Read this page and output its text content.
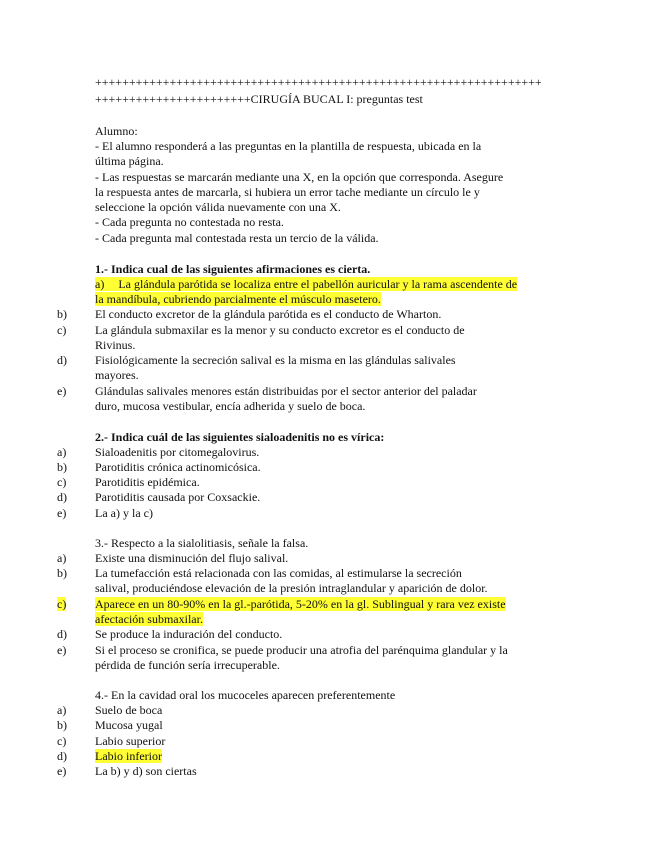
++++++++++++++++++++++++++++++++++++++++++++++++++++++++++++++++++
+++++++++++++++++++++++CIRUGÍA BUCAL I: preguntas test
Alumno:
- El alumno responderá a las preguntas en la plantilla de respuesta, ubicada en la
última página.
- Las respuestas se marcarán mediante una X, en la opción que corresponda. Asegure
la respuesta antes de marcarla, si hubiera un error tache mediante un círculo le y
seleccione la opción válida nuevamente con una X.
- Cada pregunta no contestada no resta.
- Cada pregunta mal contestada resta un tercio de la válida.
1.- Indica cual de las siguientes afirmaciones es cierta.
a) La glándula parótida se localiza entre el pabellón auricular y la rama ascendente de
la mandíbula, cubriendo parcialmente el músculo masetero.
b) El conducto excretor de la glándula parótida es el conducto de Wharton.
c) La glándula submaxilar es la menor y su conducto excretor es el conducto de
Rivinus.
d) Fisiológicamente la secreción salival es la misma en las glándulas salivales
mayores.
e) Glándulas salivales menores están distribuidas por el sector anterior del paladar
duro, mucosa vestibular, encía adherida y suelo de boca.
2.- Indica cuál de las siguientes sialoadenitis no es vírica:
a) Sialoadenitis por citomegalovirus.
b) Parotiditis crónica actinomicósica.
c) Parotiditis epidémica.
d) Parotiditis causada por Coxsackie.
e) La a) y la c)
3.- Respecto a la sialolitiasis, señale la falsa.
a) Existe una disminución del flujo salival.
b) La tumefacción está relacionada con las comidas, al estimularse la secreción
salival, produciéndose elevación de la presión intraglandular y aparición de dolor.
c) Aparece en un 80-90% en la gl.-parótida, 5-20% en la gl. Sublingual y rara vez existe
afectación submaxilar.
d) Se produce la induración del conducto.
e) Si el proceso se cronifica, se puede producir una atrofia del parénquima glandular y la
pérdida de función sería irrecuperable.
4.- En la cavidad oral los mucoceles aparecen preferentemente
a) Suelo de boca
b) Mucosa yugal
c) Labio superior
d) Labio inferior
e) La b) y d) son ciertas
